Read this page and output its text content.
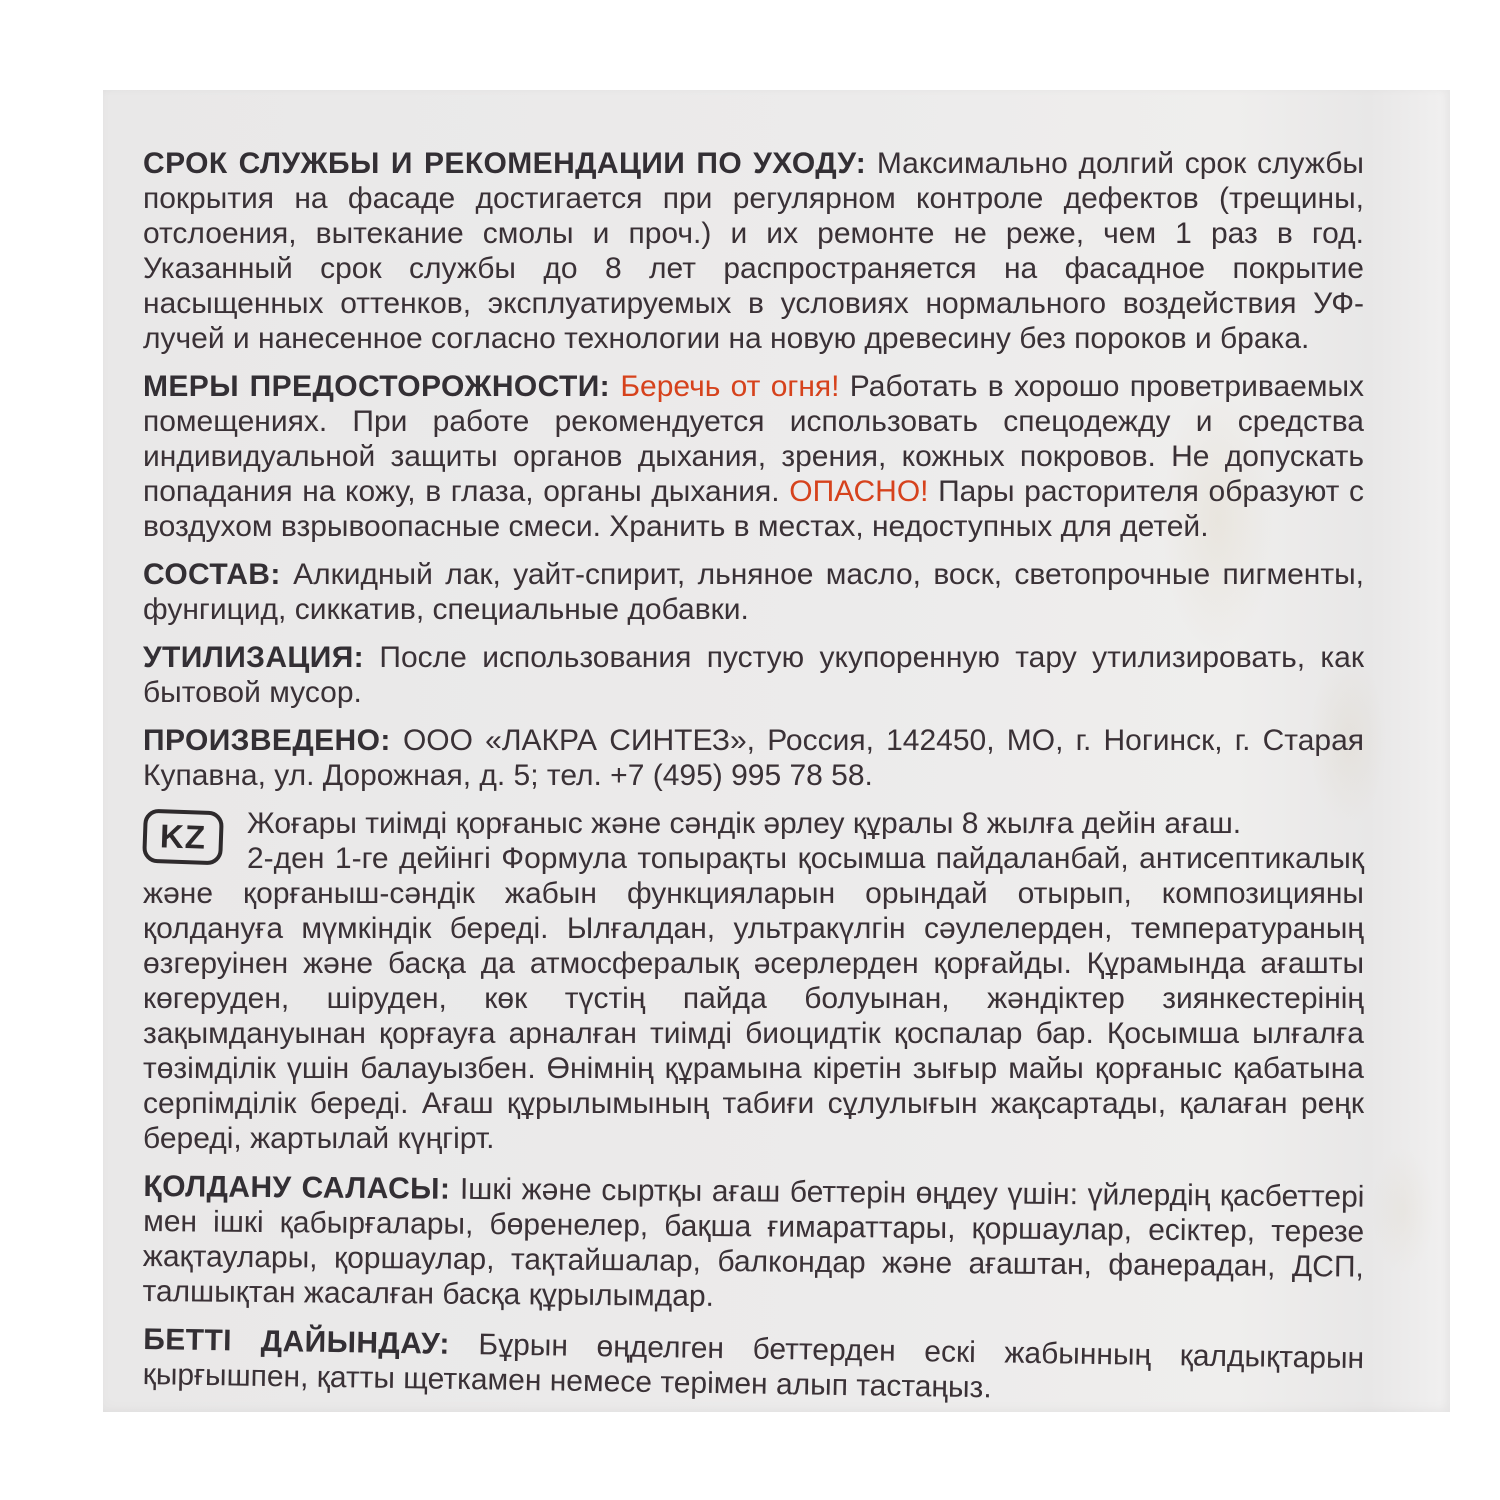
СРОК СЛУЖБЫ И РЕКОМЕНДАЦИИ ПО УХОДУ: Максимально долгий срок службы покрытия на фасаде достигается при регулярном контроле дефектов (трещины, отслоения, вытекание смолы и проч.) и их ремонте не реже, чем 1 раз в год. Указанный срок службы до 8 лет распространяется на фасадное покрытие насыщенных оттенков, эксплуатируемых в условиях нормального воздействия УФ-лучей и нанесенное согласно технологии на новую древесину без пороков и брака.

МЕРЫ ПРЕДОСТОРОЖНОСТИ: Беречь от огня! Работать в хорошо проветриваемых помещениях. При работе рекомендуется использовать спецодежду и средства индивидуальной защиты органов дыхания, зрения, кожных покровов. Не допускать попадания на кожу, в глаза, органы дыхания. ОПАСНО! Пары расторителя образуют с воздухом взрывоопасные смеси. Хранить в местах, недоступных для детей.

СОСТАВ: Алкидный лак, уайт-спирит, льняное масло, воск, светопрочные пигменты, фунгицид, сиккатив, специальные добавки.

УТИЛИЗАЦИЯ: После использования пустую укупоренную тару утилизировать, как бытовой мусор.

ПРОИЗВЕДЕНО: ООО «ЛАКРА СИНТЕЗ», Россия, 142450, МО, г. Ногинск, г. Старая Купавна, ул. Дорожная, д. 5; тел. +7 (495) 995 78 58.

KZ	Жоғары тиімді қорғаныс және сәндік әрлеу құралы 8 жылға дейін ағаш.
2-ден 1-ге дейінгі Формула топырақты қосымша пайдаланбай, антисептикалық және қорғаныш-сәндік жабын функцияларын орындай отырып, композицияны қолдануға мүмкіндік береді. Ылғалдан, ультракүлгін сәулелерден, температураның өзгеруінен және басқа да атмосфералық әсерлерден қорғайды. Құрамында ағашты көгеруден, шіруден, көк түстің пайда болуынан, жәндіктер зиянкестерінің зақымдануынан қорғауға арналған тиімді биоцидтік қоспалар бар. Қосымша ылғалға төзімділік үшін балауызбен. Өнімнің құрамына кіретін зығыр майы қорғаныс қабатына серпімділік береді. Ағаш құрылымының табиғи сұлулығын жақсартады, қалаған реңк береді, жартылай күңгірт.

ҚОЛДАНУ САЛАСЫ: Ішкі және сыртқы ағаш беттерін өңдеу үшін: үйлердің қасбеттері мен ішкі қабырғалары, бөренелер, бақша ғимараттары, қоршаулар, есіктер, терезе жақтаулары, қоршаулар, тақтайшалар, балкондар және ағаштан, фанерадан, ДСП, талшықтан жасалған басқа құрылымдар.

БЕТТІ ДАЙЫНДАУ: Бұрын өңделген беттерден ескі жабынның қалдықтарын қырғышпен, қатты щеткамен немесе терімен алып тастаңыз.
